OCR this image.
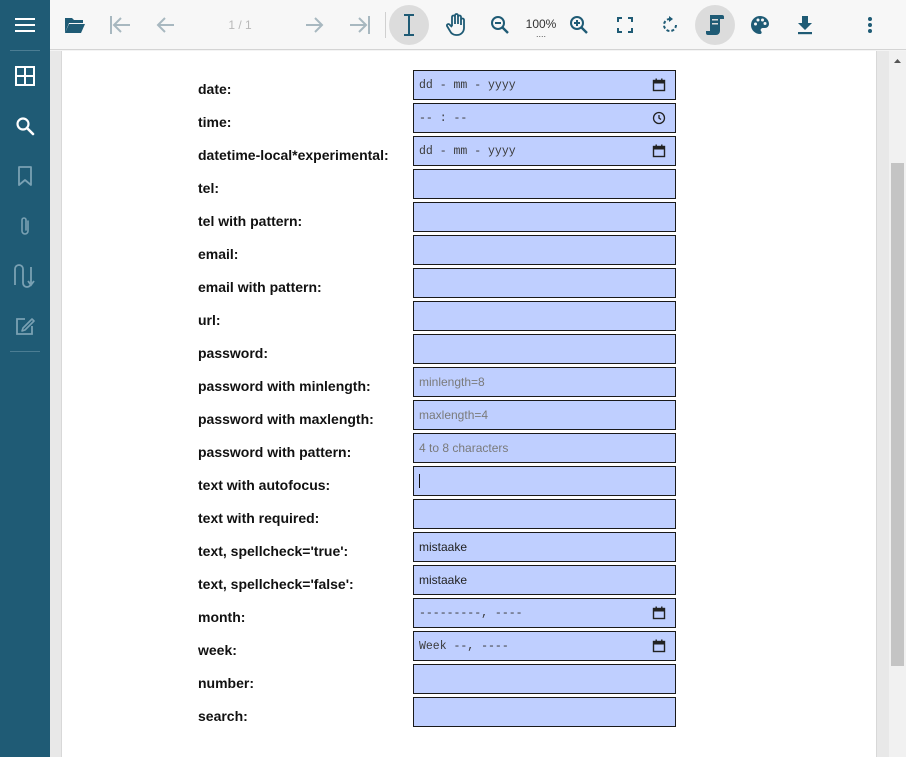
1 / 1	100%
....
date:	dd - mm - yyyy
time:	-- : --
datetime-local*experimental:	dd - mm - yyyy
tel:
tel with pattern:
email:
email with pattern:
url:
password:
password with minlength:	minlength=8
password with maxlength:	maxlength=4
password with pattern:	4 to 8 characters
text with autofocus:
text with required:
text, spellcheck='true':	mistaake
text, spellcheck='false':	mistaake
month:	---------, ----
week:	Week --, ----
number:
search:
